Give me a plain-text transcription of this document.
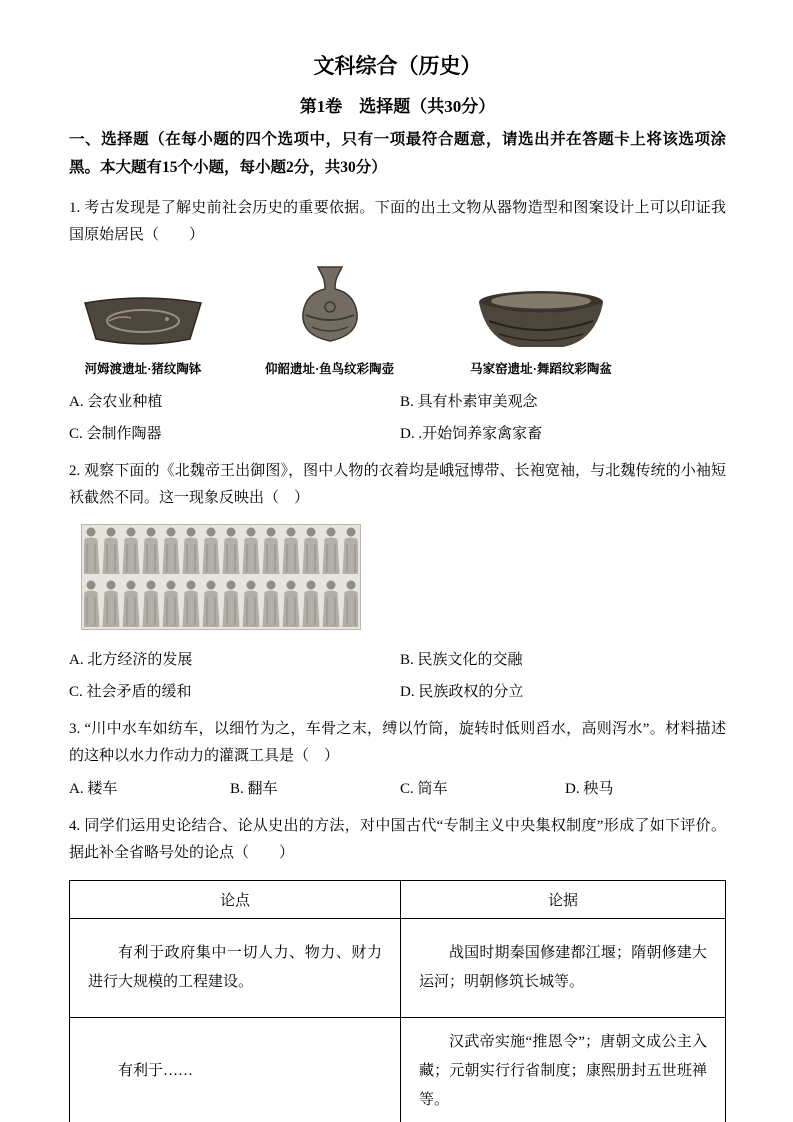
文科综合（历史）
第1卷　选择题（共30分）

一、选择题（在每小题的四个选项中，只有一项最符合题意，请选出并在答题卡上将该选项涂黑。本大题有15个小题，每小题2分，共30分）

1. 考古发现是了解史前社会历史的重要依据。下面的出土文物从器物造型和图案设计上可以印证我国原始居民（　　）

河姆渡遗址·猪纹陶钵	仰韶遗址·鱼鸟纹彩陶壶	马家窑遗址·舞蹈纹彩陶盆
A. 会农业种植	B. 具有朴素审美观念
C. 会制作陶器	D. .开始饲养家禽家畜

2. 观察下面的《北魏帝王出御图》，图中人物的衣着均是峨冠博带、长袍宽袖，与北魏传统的小袖短袄截然不同。这一现象反映出（　）

A. 北方经济的发展	B. 民族文化的交融
C. 社会矛盾的缓和	D. 民族政权的分立

3. “川中水车如纺车，以细竹为之，车骨之末，缚以竹筒，旋转时低则舀水，高则泻水”。材料描述的这种以水力作动力的灌溉工具是（　）

A. 耧车	B. 翻车	C. 筒车	D. 秧马

4. 同学们运用史论结合、论从史出的方法，对中国古代“专制主义中央集权制度”形成了如下评价。据此补全省略号处的论点（　　）

论点	论据
有利于政府集中一切人力、物力、财力进行大规模的工程建设。	战国时期秦国修建都江堰；隋朝修建大运河；明朝修筑长城等。
有利于……	汉武帝实施“推恩令”；唐朝文成公主入藏；元朝实行行省制度；康熙册封五世班禅等。
